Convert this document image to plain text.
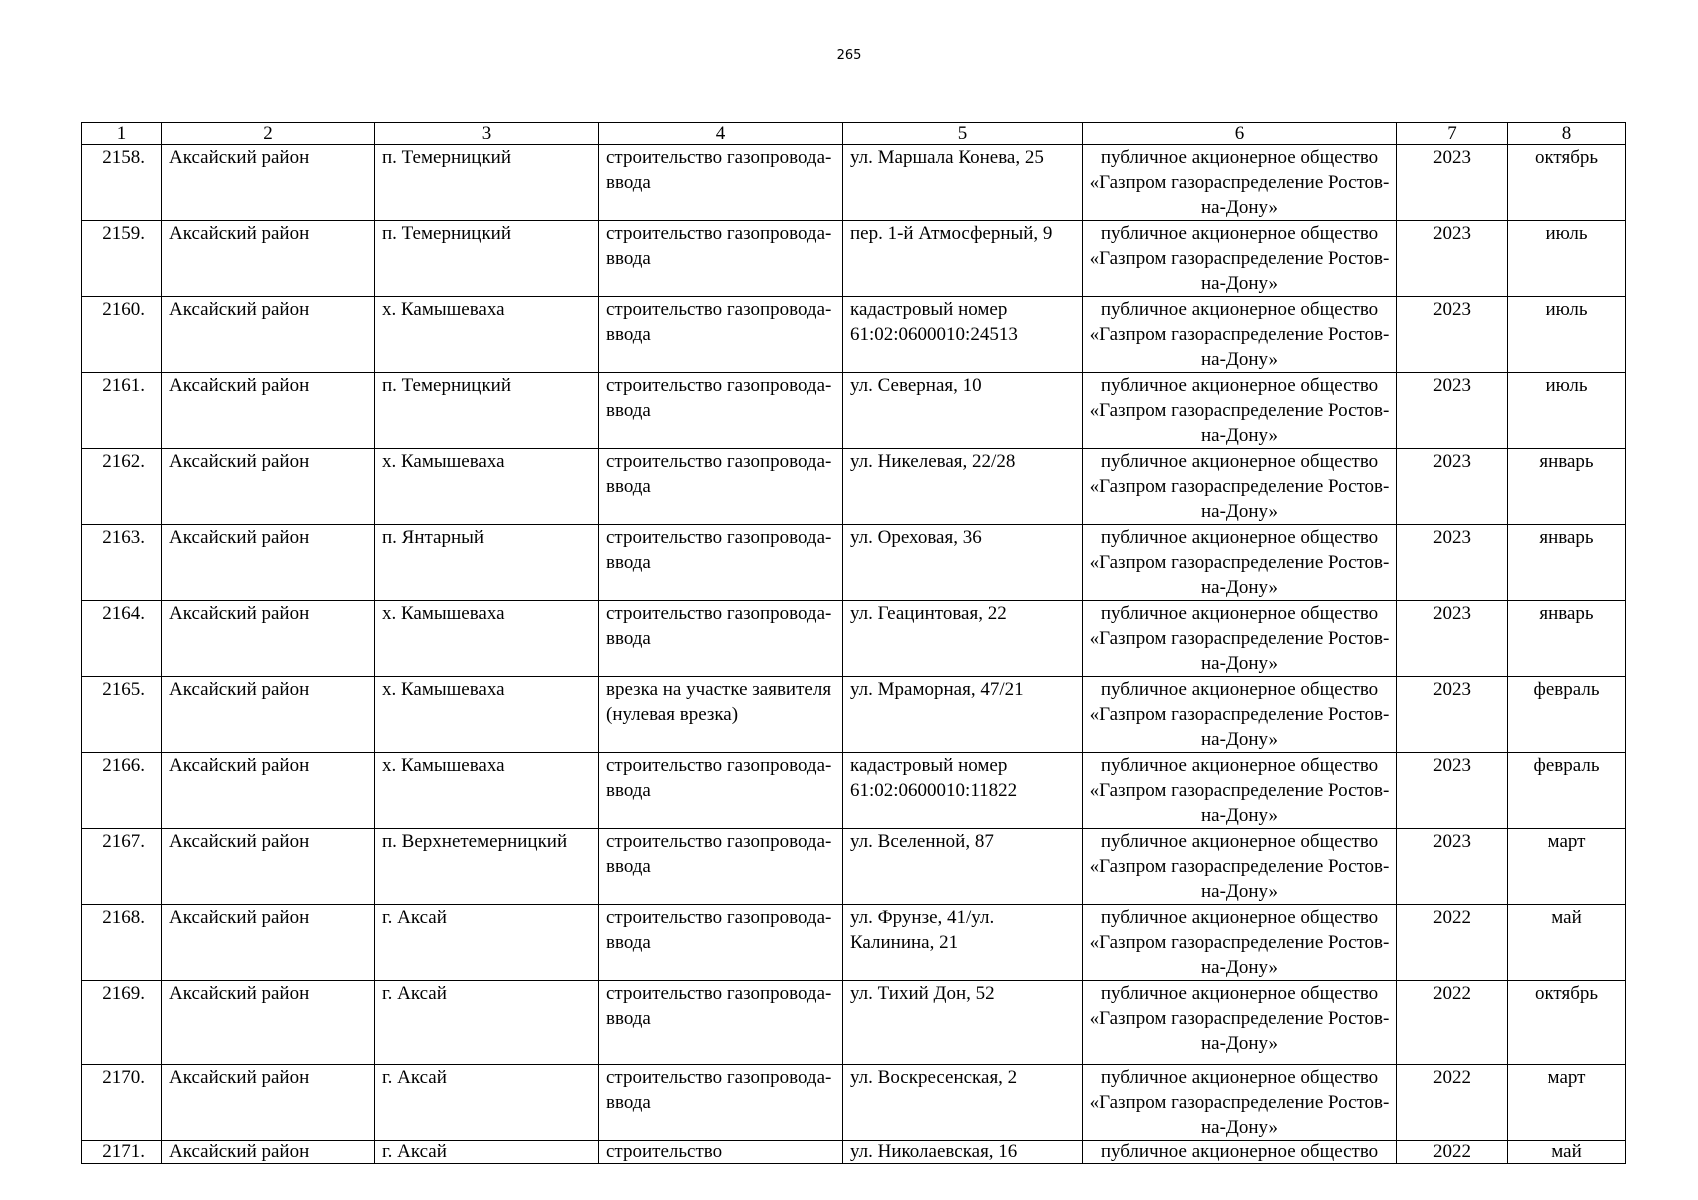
265
1	2	3	4	5	6	7	8
2158.	Аксайский район	п. Темерницкий	строительство газопровода-ввода	ул. Маршала Конева, 25	публичное акционерное общество «Газпром газораспределение Ростов-на-Дону»	2023	октябрь
2159.	Аксайский район	п. Темерницкий	строительство газопровода-ввода	пер. 1-й Атмосферный, 9	публичное акционерное общество «Газпром газораспределение Ростов-на-Дону»	2023	июль
2160.	Аксайский район	х. Камышеваха	строительство газопровода-ввода	кадастровый номер 61:02:0600010:24513	публичное акционерное общество «Газпром газораспределение Ростов-на-Дону»	2023	июль
2161.	Аксайский район	п. Темерницкий	строительство газопровода-ввода	ул. Северная, 10	публичное акционерное общество «Газпром газораспределение Ростов-на-Дону»	2023	июль
2162.	Аксайский район	х. Камышеваха	строительство газопровода-ввода	ул. Никелевая, 22/28	публичное акционерное общество «Газпром газораспределение Ростов-на-Дону»	2023	январь
2163.	Аксайский район	п. Янтарный	строительство газопровода-ввода	ул. Ореховая, 36	публичное акционерное общество «Газпром газораспределение Ростов-на-Дону»	2023	январь
2164.	Аксайский район	х. Камышеваха	строительство газопровода-ввода	ул. Геацинтовая, 22	публичное акционерное общество «Газпром газораспределение Ростов-на-Дону»	2023	январь
2165.	Аксайский район	х. Камышеваха	врезка на участке заявителя (нулевая врезка)	ул. Мраморная, 47/21	публичное акционерное общество «Газпром газораспределение Ростов-на-Дону»	2023	февраль
2166.	Аксайский район	х. Камышеваха	строительство газопровода-ввода	кадастровый номер 61:02:0600010:11822	публичное акционерное общество «Газпром газораспределение Ростов-на-Дону»	2023	февраль
2167.	Аксайский район	п. Верхнетемерницкий	строительство газопровода-ввода	ул. Вселенной, 87	публичное акционерное общество «Газпром газораспределение Ростов-на-Дону»	2023	март
2168.	Аксайский район	г. Аксай	строительство газопровода-ввода	ул. Фрунзе, 41/ул. Калинина, 21	публичное акционерное общество «Газпром газораспределение Ростов-на-Дону»	2022	май
2169.	Аксайский район	г. Аксай	строительство газопровода-ввода	ул. Тихий Дон, 52	публичное акционерное общество «Газпром газораспределение Ростов-на-Дону»	2022	октябрь
2170.	Аксайский район	г. Аксай	строительство газопровода-ввода	ул. Воскресенская, 2	публичное акционерное общество «Газпром газораспределение Ростов-на-Дону»	2022	март
2171.	Аксайский район	г. Аксай	строительство	ул. Николаевская, 16	публичное акционерное общество	2022	май
